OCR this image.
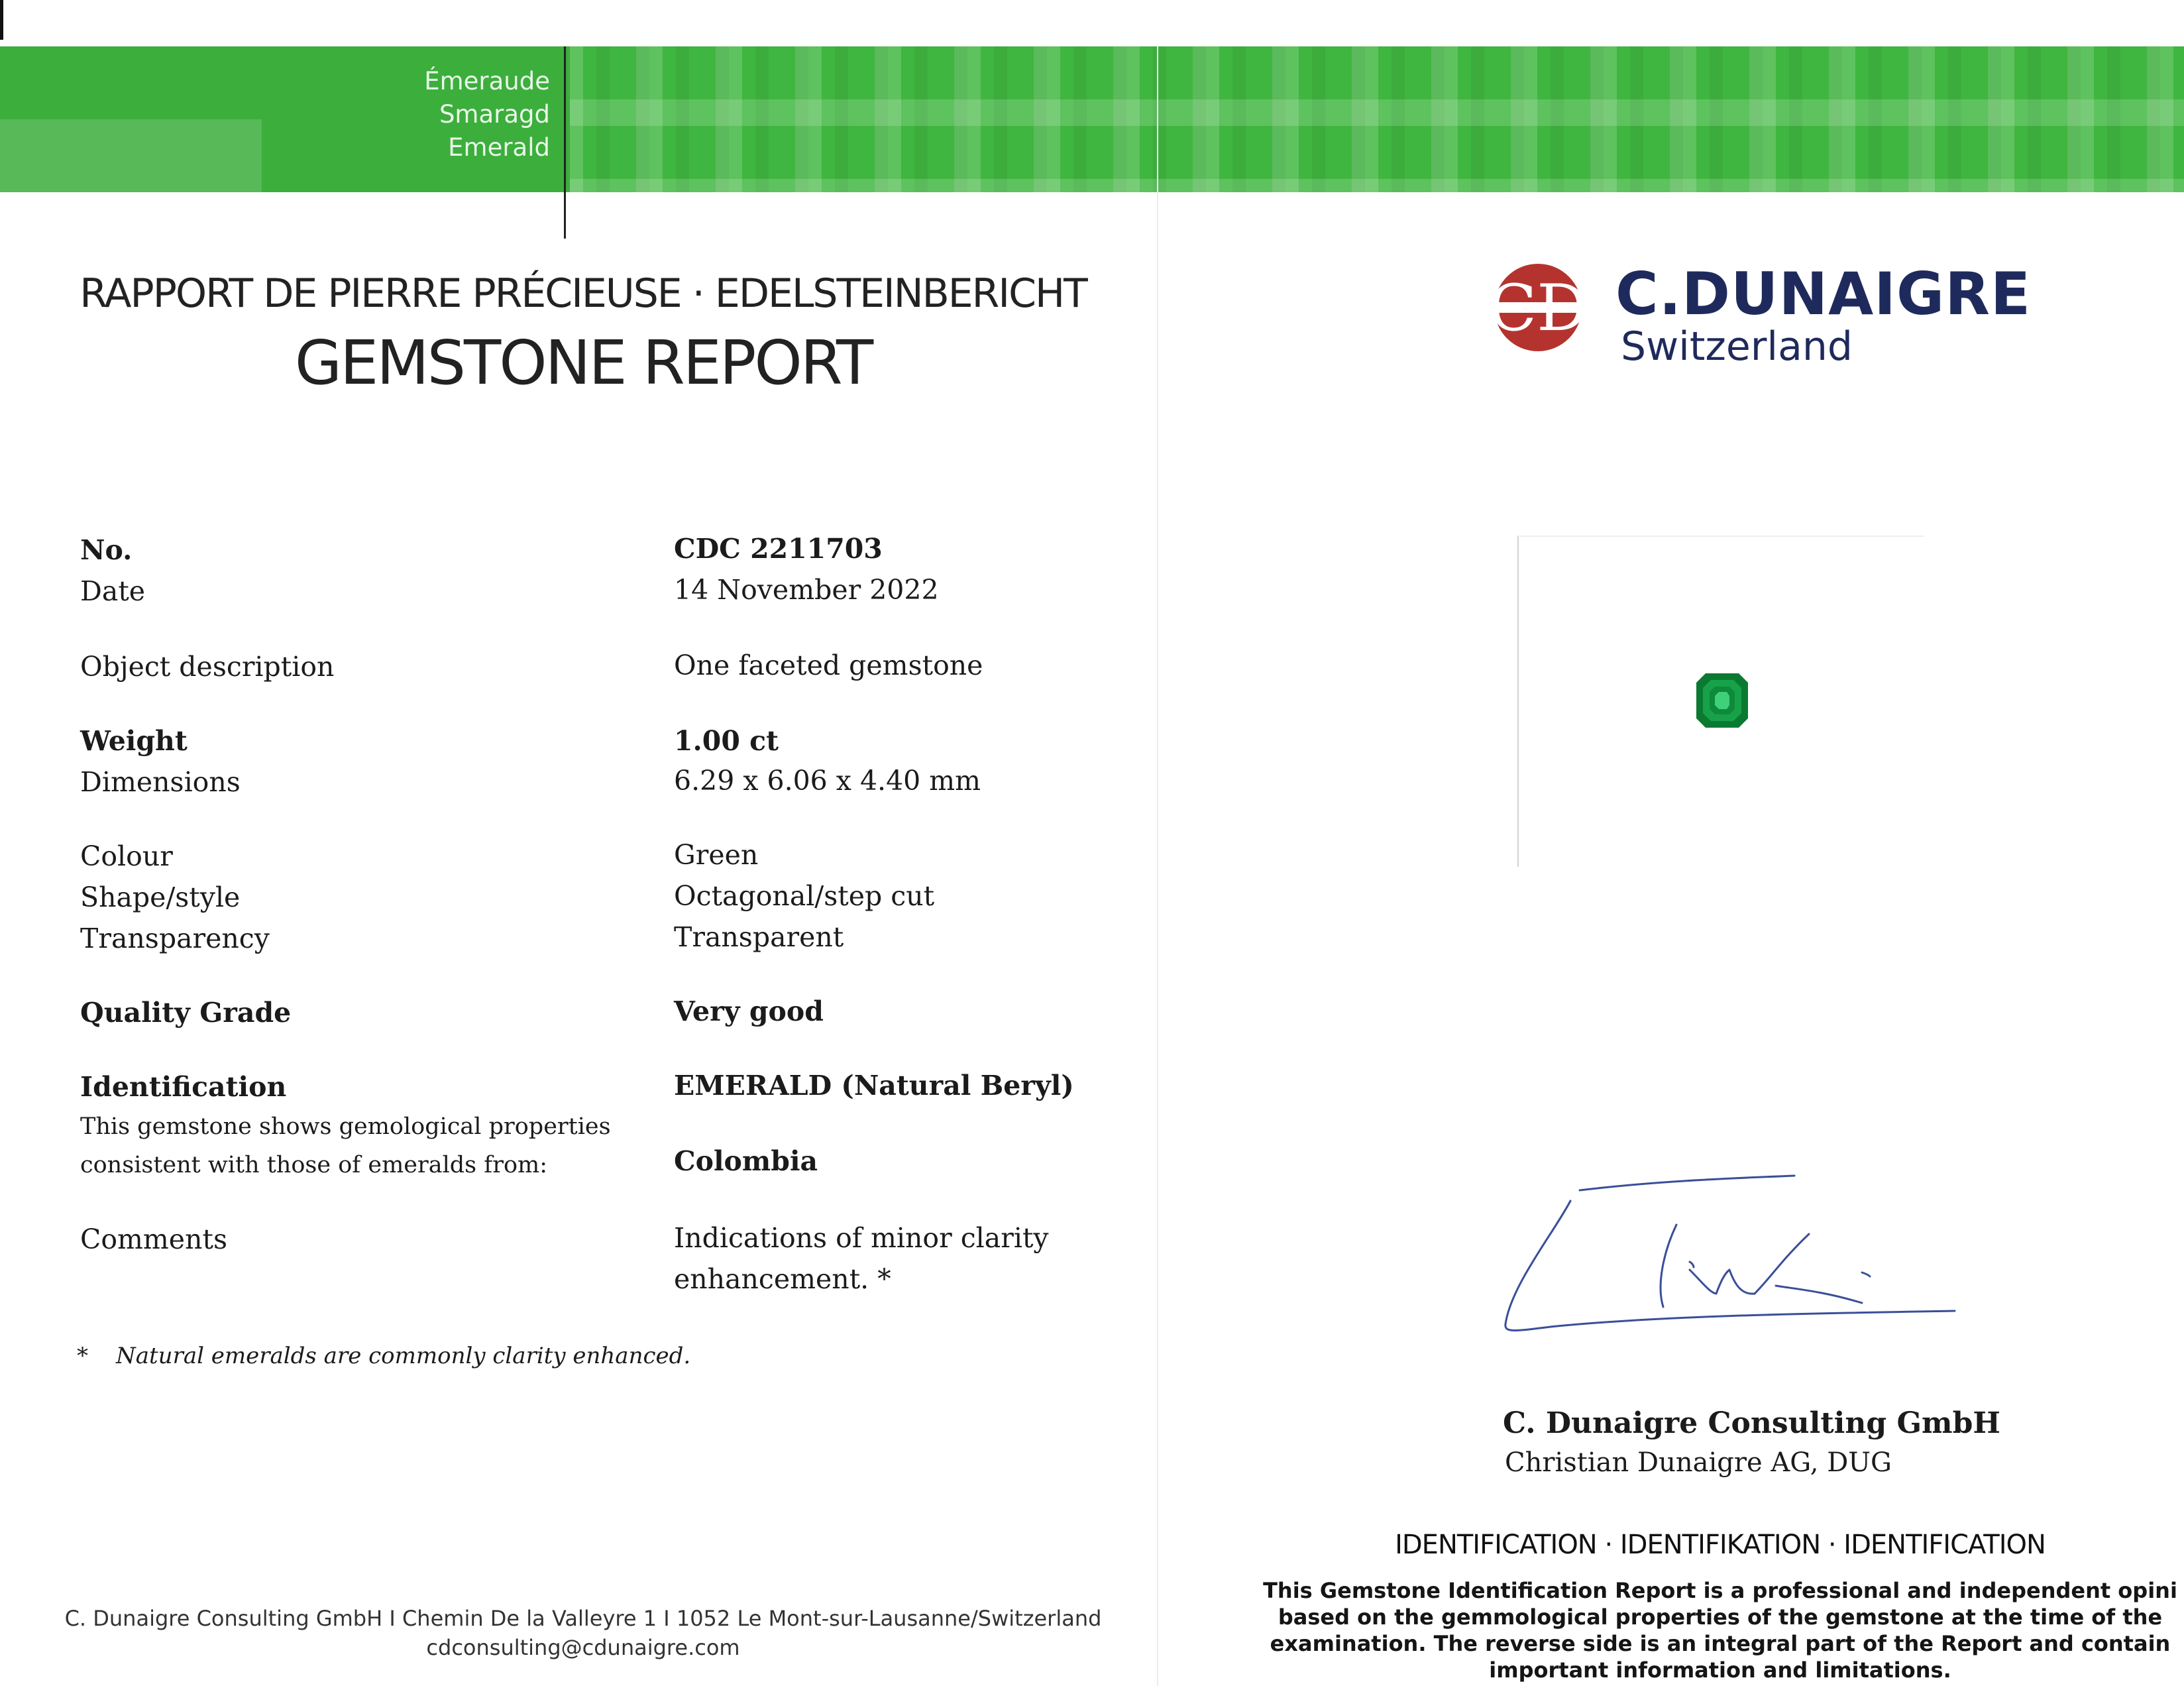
Émeraude
Smaragd
Emerald
RAPPORT DE PIERRE PRÉCIEUSE · EDELSTEINBERICHT
GEMSTONE REPORT
No.	CDC 2211703
Date	14 November 2022
Object description	One faceted gemstone
Weight	1.00 ct
Dimensions	6.29 x 6.06 x 4.40 mm
Colour	Green
Shape/style	Octagonal/step cut
Transparency	Transparent
Quality Grade	Very good
Identification	EMERALD (Natural Beryl)
This gemstone shows gemological properties
consistent with those of emeralds from:	Colombia
Comments	Indications of minor clarity
enhancement. *
* Natural emeralds are commonly clarity enhanced.
C. Dunaigre Consulting GmbH I Chemin De la Valleyre 1 I 1052 Le Mont-sur-Lausanne/Switzerland
cdconsulting@cdunaigre.com
CD C.DUNAIGRE
Switzerland
C. Dunaigre Consulting GmbH
Christian Dunaigre AG, DUG
IDENTIFICATION · IDENTIFIKATION · IDENTIFICATION
This Gemstone Identification Report is a professional and independent opini
based on the gemmological properties of the gemstone at the time of the
examination. The reverse side is an integral part of the Report and contain
important information and limitations.
